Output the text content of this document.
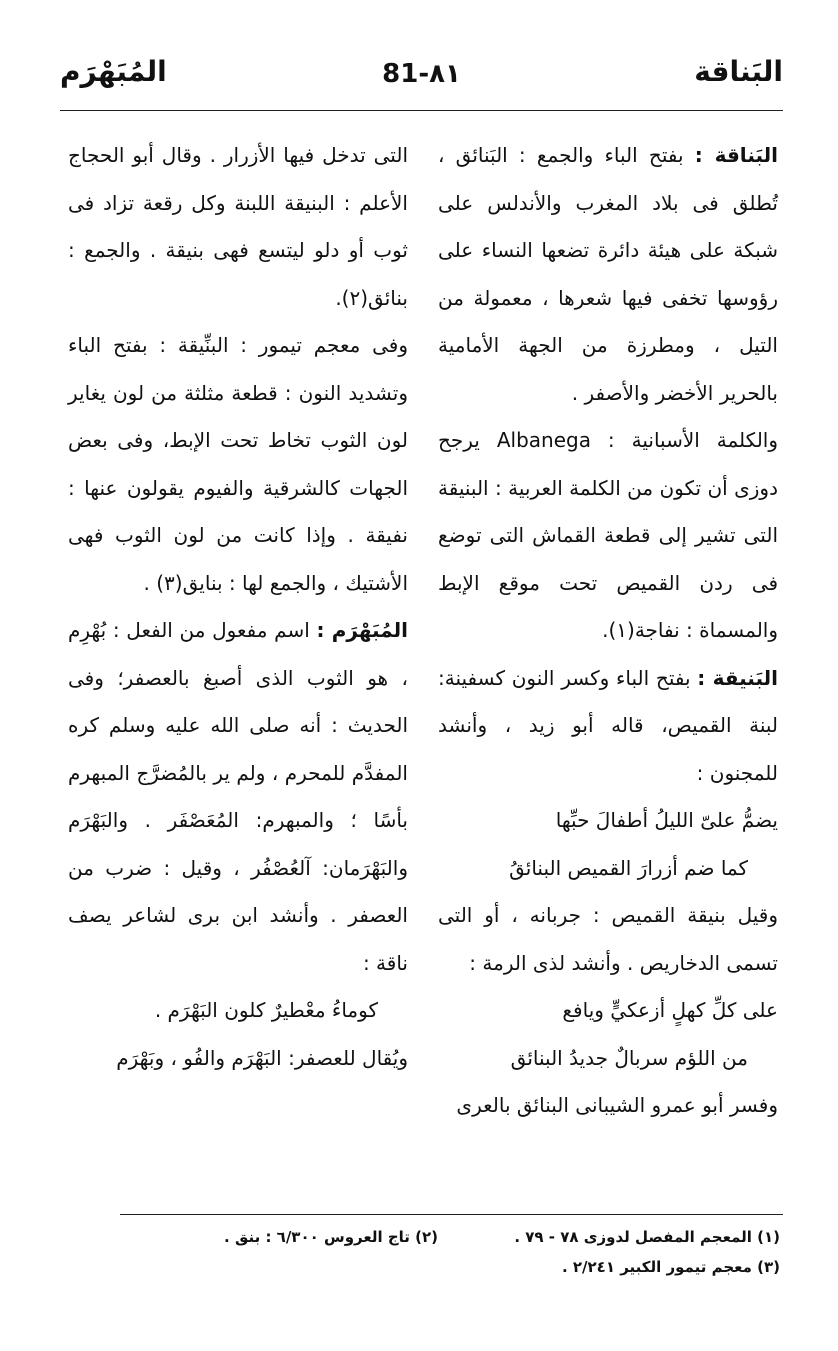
البَناقة
81-٨١
المُبَهْرَم

البَناقة : بفتح الباء والجمع : البَنائق ، تُطلق فى بلاد المغرب والأندلس على شبكة على هيئة دائرة تضعها النساء على رؤوسها تخفى فيها شعرها ، معمولة من التيل ، ومطرزة من الجهة الأمامية بالحرير الأخضر والأصفر .

والكلمة الأسبانية : Albanega يرجح دوزى أن تكون من الكلمة العربية : البنيقة التى تشير إلى قطعة القماش التى توضع فى ردن القميص تحت موقع الإبط والمسماة : نفاجة(١).

البَنيقة : بفتح الباء وكسر النون كسفينة: لبنة القميص، قاله أبو زيد ، وأنشد للمجنون :

يضمُّ علىّ الليلُ أطفالَ حبِّها

كما ضم أزرارَ القميص البنائقُ

وقيل بنيقة القميص : جربانه ، أو التى تسمى الدخاريص . وأنشد لذى الرمة :

على كلِّ كهلٍ أزعكيٍّ ويافع

من اللؤم سربالٌ جديدُ البنائق

وفسر أبو عمرو الشيبانى البنائق بالعرى

التى تدخل فيها الأزرار . وقال أبو الحجاج الأعلم : البنيقة اللبنة وكل رقعة تزاد فى ثوب أو دلو ليتسع فهى بنيقة . والجمع : بنائق(٢).

وفى معجم تيمور : البنِّيقة : بفتح الباء وتشديد النون : قطعة مثلثة من لون يغاير لون الثوب تخاط تحت الإبط، وفى بعض الجهات كالشرقية والفيوم يقولون عنها : نفيقة . وإذا كانت من لون الثوب فهى الأشتيك ، والجمع لها : بنايق(٣) .

المُبَهْرَم : اسم مفعول من الفعل : بُهْرِم ، هو الثوب الذى أصبغ بالعصفر؛ وفى الحديث : أنه صلى الله عليه وسلم كره المفدَّم للمحرم ، ولم ير بالمُضرَّج المبهرم بأسًا ؛ والمبهرم: المُعَصْفَر . والبَهْرَم والبَهْرَمان: آلعُصْفُر ، وقيل : ضرب من العصفر . وأنشد ابن برى لشاعر يصف ناقة :

كوماءُ معْطيرٌ كلون البَهْرَم .

ويُقال للعصفر: البَهْرَم والفُو ، وبَهْرَم

(١) المعجم المفصل لدوزى ٧٨ - ٧٩ .
(٢) تاج العروس ٦/٣٠٠ : بنق .
(٣) معجم تيمور الكبير ٢/٢٤١ .
